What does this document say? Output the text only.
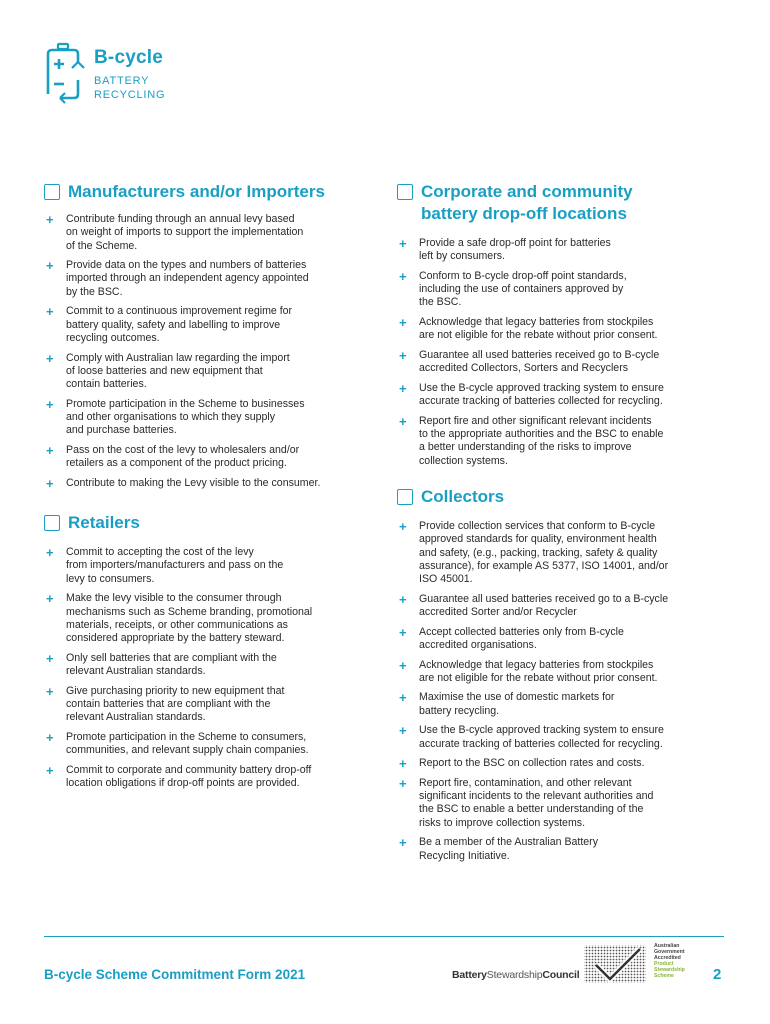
B-cycle
BATTERY
RECYCLING
Manufacturers and/or Importers
+	Contribute funding through an annual levy based
on weight of imports to support the implementation
of the Scheme.
+	Provide data on the types and numbers of batteries
imported through an independent agency appointed
by the BSC.
+	Commit to a continuous improvement regime for
battery quality, safety and labelling to improve
recycling outcomes.
+	Comply with Australian law regarding the import
of loose batteries and new equipment that
contain batteries.
+	Promote participation in the Scheme to businesses
and other organisations to which they supply
and purchase batteries.
+	Pass on the cost of the levy to wholesalers and/or
retailers as a component of the product pricing.
+	Contribute to making the Levy visible to the consumer.
Retailers
+	Commit to accepting the cost of the levy
from importers/manufacturers and pass on the
levy to consumers.
+	Make the levy visible to the consumer through
mechanisms such as Scheme branding, promotional
materials, receipts, or other communications as
considered appropriate by the battery steward.
+	Only sell batteries that are compliant with the
relevant Australian standards.
+	Give purchasing priority to new equipment that
contain batteries that are compliant with the
relevant Australian standards.
+	Promote participation in the Scheme to consumers,
communities, and relevant supply chain companies.
+	Commit to corporate and community battery drop-off
location obligations if drop-off points are provided.
Corporate and community
battery drop-off locations
+	Provide a safe drop-off point for batteries
left by consumers.
+	Conform to B-cycle drop-off point standards,
including the use of containers approved by
the BSC.
+	Acknowledge that legacy batteries from stockpiles
are not eligible for the rebate without prior consent.
+	Guarantee all used batteries received go to B-cycle
accredited Collectors, Sorters and Recyclers
+	Use the B-cycle approved tracking system to ensure
accurate tracking of batteries collected for recycling.
+	Report fire and other significant relevant incidents
to the appropriate authorities and the BSC to enable
a better understanding of the risks to improve
collection systems.
Collectors
+	Provide collection services that conform to B-cycle
approved standards for quality, environment health
and safety, (e.g., packing, tracking, safety & quality
assurance), for example AS 5377, ISO 14001, and/or
ISO 45001.
+	Guarantee all used batteries received go to a B-cycle
accredited Sorter and/or Recycler
+	Accept collected batteries only from B-cycle
accredited organisations.
+	Acknowledge that legacy batteries from stockpiles
are not eligible for the rebate without prior consent.
+	Maximise the use of domestic markets for
battery recycling.
+	Use the B-cycle approved tracking system to ensure
accurate tracking of batteries collected for recycling.
+	Report to the BSC on collection rates and costs.
+	Report fire, contamination, and other relevant
significant incidents to the relevant authorities and
the BSC to enable a better understanding of the
risks to improve collection systems.
+	Be a member of the Australian Battery
Recycling Initiative.
B-cycle Scheme Commitment Form 2021	BatteryStewardshipCouncil
Australian
Government
Accredited
Product
Stewardship
Scheme	2
